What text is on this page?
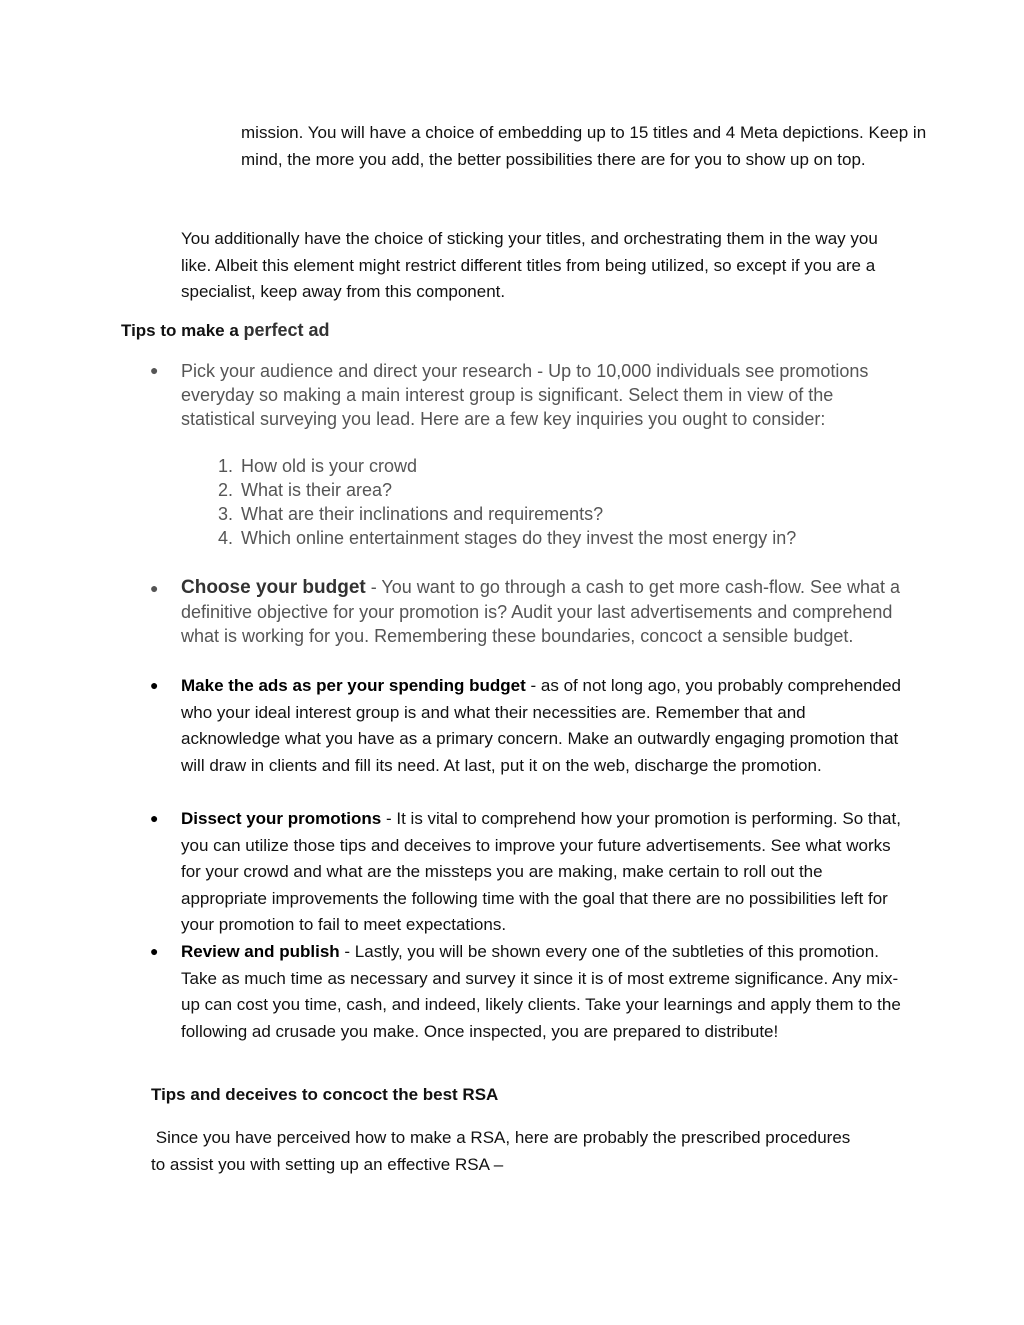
mission. You will have a choice of embedding up to 15 titles and 4 Meta depictions. Keep in mind, the more you add, the better possibilities there are for you to show up on top.
You additionally have the choice of sticking your titles, and orchestrating them in the way you like. Albeit this element might restrict different titles from being utilized, so except if you are a specialist, keep away from this component.
Tips to make a perfect ad
● Pick your audience and direct your research - Up to 10,000 individuals see promotions everyday so making a main interest group is significant. Select them in view of the statistical surveying you lead. Here are a few key inquiries you ought to consider:
1. How old is your crowd
2. What is their area?
3. What are their inclinations and requirements?
4. Which online entertainment stages do they invest the most energy in?
● Choose your budget - You want to go through a cash to get more cash-flow. See what a definitive objective for your promotion is? Audit your last advertisements and comprehend what is working for you. Remembering these boundaries, concoct a sensible budget.
● Make the ads as per your spending budget - as of not long ago, you probably comprehended who your ideal interest group is and what their necessities are. Remember that and acknowledge what you have as a primary concern. Make an outwardly engaging promotion that will draw in clients and fill its need. At last, put it on the web, discharge the promotion.
● Dissect your promotions - It is vital to comprehend how your promotion is performing. So that, you can utilize those tips and deceives to improve your future advertisements. See what works for your crowd and what are the missteps you are making, make certain to roll out the appropriate improvements the following time with the goal that there are no possibilities left for your promotion to fail to meet expectations.
● Review and publish - Lastly, you will be shown every one of the subtleties of this promotion. Take as much time as necessary and survey it since it is of most extreme significance. Any mix-up can cost you time, cash, and indeed, likely clients. Take your learnings and apply them to the following ad crusade you make. Once inspected, you are prepared to distribute!
Tips and deceives to concoct the best RSA
Since you have perceived how to make a RSA, here are probably the prescribed procedures to assist you with setting up an effective RSA –
